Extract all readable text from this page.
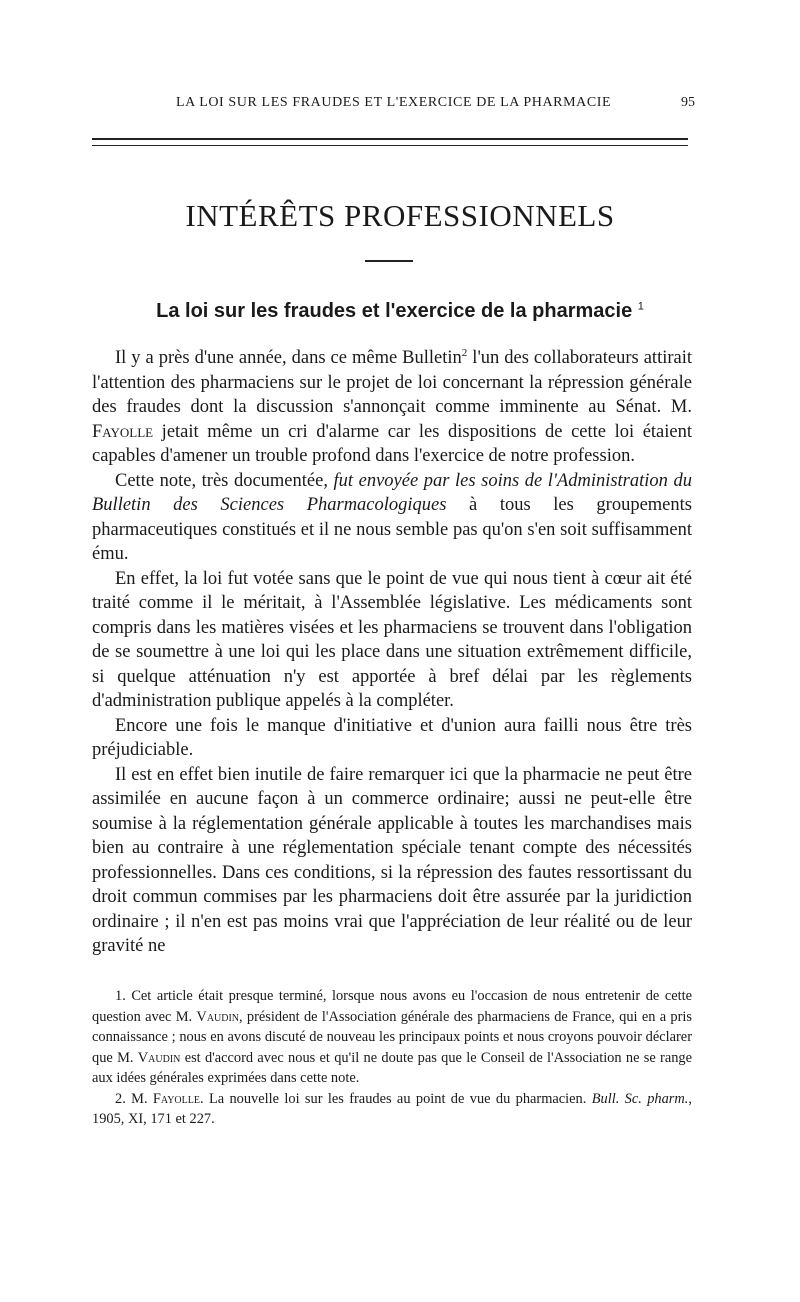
LA LOI SUR LES FRAUDES ET L'EXERCICE DE LA PHARMACIE	95
INTÉRÊTS PROFESSIONNELS
La loi sur les fraudes et l'exercice de la pharmacie $^1$

Il y a près d'une année, dans ce même Bulletin$^2$ l'un des collaborateurs attirait l'attention des pharmaciens sur le projet de loi concernant la répression générale des fraudes dont la discussion s'annonçait comme imminente au Sénat. M. Fayolle jetait même un cri d'alarme car les dispositions de cette loi étaient capables d'amener un trouble profond dans l'exercice de notre profession.

Cette note, très documentée, fut envoyée par les soins de l'Administration du Bulletin des Sciences Pharmacologiques à tous les groupements pharmaceutiques constitués et il ne nous semble pas qu'on s'en soit suffisamment ému.

En effet, la loi fut votée sans que le point de vue qui nous tient à cœur ait été traité comme il le méritait, à l'Assemblée législative. Les médicaments sont compris dans les matières visées et les pharmaciens se trouvent dans l'obligation de se soumettre à une loi qui les place dans une situation extrêmement difficile, si quelque atténuation n'y est apportée à bref délai par les règlements d'administration publique appelés à la compléter.

Encore une fois le manque d'initiative et d'union aura failli nous être très préjudiciable.

Il est en effet bien inutile de faire remarquer ici que la pharmacie ne peut être assimilée en aucune façon à un commerce ordinaire; aussi ne peut-elle être soumise à la réglementation générale applicable à toutes les marchandises mais bien au contraire à une réglementation spéciale tenant compte des nécessités professionnelles. Dans ces conditions, si la répression des fautes ressortissant du droit commun commises par les pharmaciens doit être assurée par la juridiction ordinaire ; il n'en est pas moins vrai que l'appréciation de leur réalité ou de leur gravité ne

1. Cet article était presque terminé, lorsque nous avons eu l'occasion de nous entretenir de cette question avec M. Vaudin, président de l'Association générale des pharmaciens de France, qui en a pris connaissance ; nous en avons discuté de nouveau les principaux points et nous croyons pouvoir déclarer que M. Vaudin est d'accord avec nous et qu'il ne doute pas que le Conseil de l'Association ne se range aux idées générales exprimées dans cette note.

2. M. Fayolle. La nouvelle loi sur les fraudes au point de vue du pharmacien. Bull. Sc. pharm., 1905, XI, 171 et 227.
